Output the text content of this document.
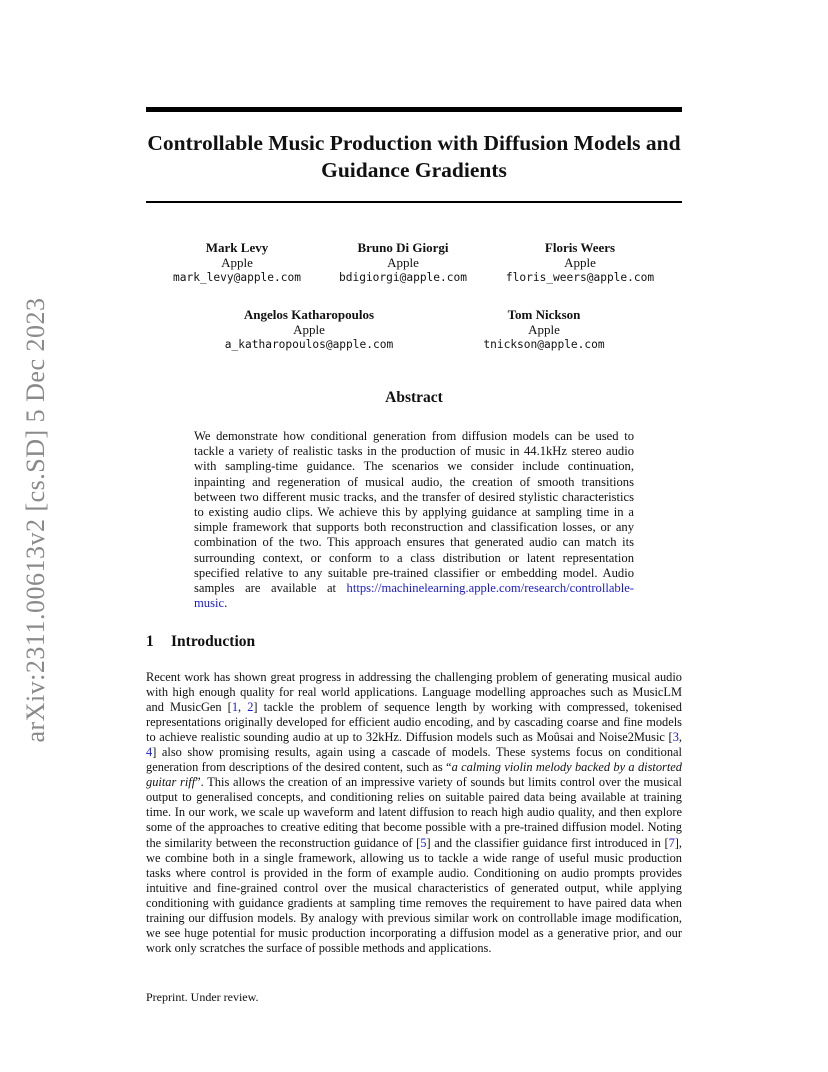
arXiv:2311.00613v2 [cs.SD] 5 Dec 2023
Controllable Music Production with Diffusion Models and Guidance Gradients
Mark Levy
Apple
mark_levy@apple.com
Bruno Di Giorgi
Apple
bdigiorgi@apple.com
Floris Weers
Apple
floris_weers@apple.com
Angelos Katharopoulos
Apple
a_katharopoulos@apple.com
Tom Nickson
Apple
tnickson@apple.com
Abstract

We demonstrate how conditional generation from diffusion models can be used to tackle a variety of realistic tasks in the production of music in 44.1kHz stereo audio with sampling-time guidance. The scenarios we consider include continuation, inpainting and regeneration of musical audio, the creation of smooth transitions between two different music tracks, and the transfer of desired stylistic characteristics to existing audio clips. We achieve this by applying guidance at sampling time in a simple framework that supports both reconstruction and classification losses, or any combination of the two. This approach ensures that generated audio can match its surrounding context, or conform to a class distribution or latent representation specified relative to any suitable pre-trained classifier or embedding model. Audio samples are available at https://machinelearning.apple.com/research/controllable-music.

1 Introduction

Recent work has shown great progress in addressing the challenging problem of generating musical audio with high enough quality for real world applications. Language modelling approaches such as MusicLM and MusicGen [1, 2] tackle the problem of sequence length by working with compressed, tokenised representations originally developed for efficient audio encoding, and by cascading coarse and fine models to achieve realistic sounding audio at up to 32kHz. Diffusion models such as Moûsai and Noise2Music [3, 4] also show promising results, again using a cascade of models. These systems focus on conditional generation from descriptions of the desired content, such as “a calming violin melody backed by a distorted guitar riff”. This allows the creation of an impressive variety of sounds but limits control over the musical output to generalised concepts, and conditioning relies on suitable paired data being available at training time. In our work, we scale up waveform and latent diffusion to reach high audio quality, and then explore some of the approaches to creative editing that become possible with a pre-trained diffusion model. Noting the similarity between the reconstruction guidance of [5] and the classifier guidance first introduced in [7], we combine both in a single framework, allowing us to tackle a wide range of useful music production tasks where control is provided in the form of example audio. Conditioning on audio prompts provides intuitive and fine-grained control over the musical characteristics of generated output, while applying conditioning with guidance gradients at sampling time removes the requirement to have paired data when training our diffusion models. By analogy with previous similar work on controllable image modification, we see huge potential for music production incorporating a diffusion model as a generative prior, and our work only scratches the surface of possible methods and applications.

Preprint. Under review.
